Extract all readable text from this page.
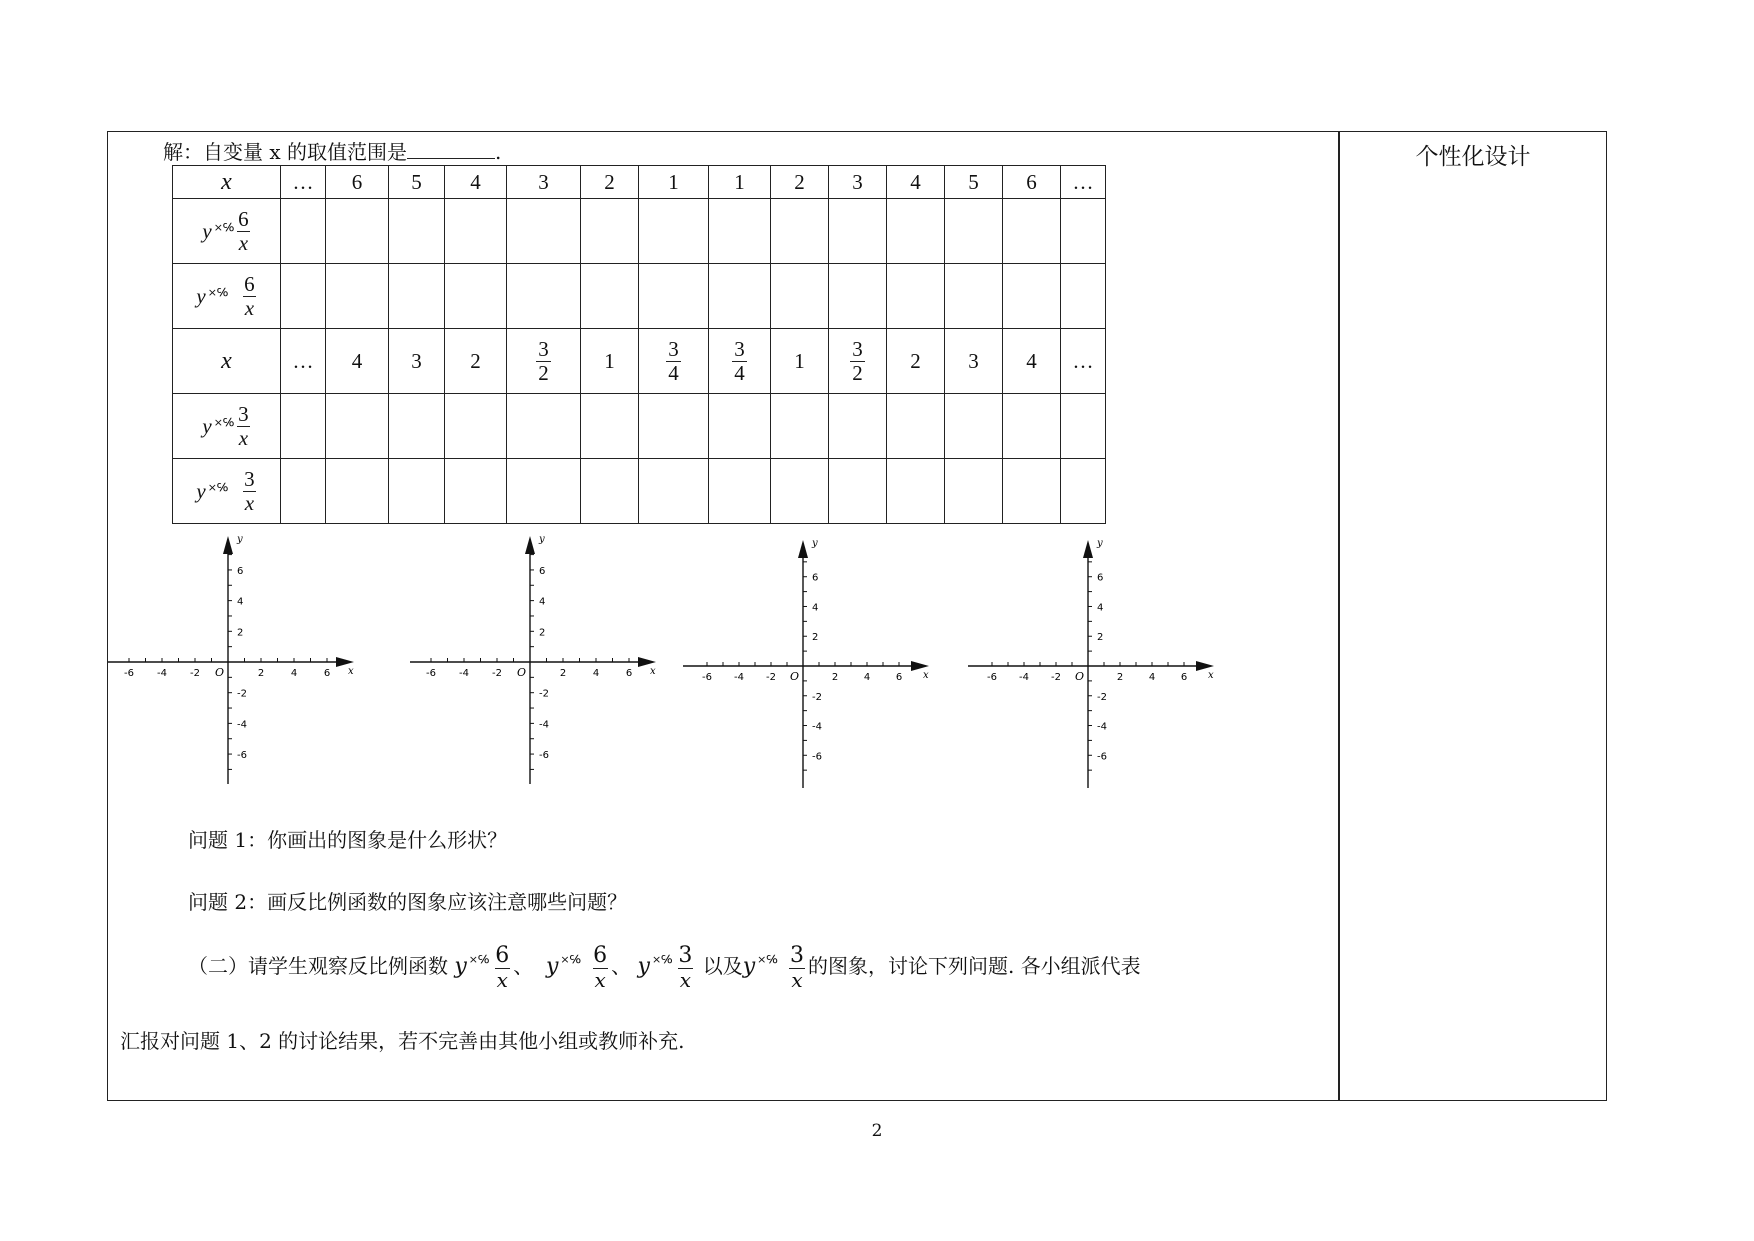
个性化设计
解：自变量 x 的取值范围是	.
x	…	6	5	4	3	2	1	1	2	3	4	5	6	…

y ×℅ $\frac{6}{x}$

y ×℅ $\frac{6}{x}$

x	…	4	3	2	$\frac{3}{2}$	1	$\frac{3}{4}$	$\frac{3}{4}$	1	$\frac{3}{2}$	2	3	4	…

y ×℅ $\frac{3}{x}$

y ×℅ $\frac{3}{x}$

-6 -4 -2	2	4	6
6
4
2
-2
-4
-6
O	x
y
-6 -4 -2	2	4	6
6
4
2
-2
-4
-6
O	x
y
-6 -4 -2	2	4	6
6
4
2
-2
-4
-6
O	x
y
-6 -4 -2	2	4	6
6
4
2
-2
-4
-6
O	x
y
问题 1：你画出的图象是什么形状？
问题 2：画反比例函数的图象应该注意哪些问题？
（二）请学生观察反比例函数 y $^{\times℅} \frac{6}{x}$ 、 y $^{\times℅} \frac{6}{x}$ 、 y $^{\times℅} \frac{3}{x}$ 以及y $^{\times℅} \frac{3}{x}$ 的图象，讨论下列问题. 各小组派代表
汇报对问题 1、2 的讨论结果，若不完善由其他小组或教师补充.
2
